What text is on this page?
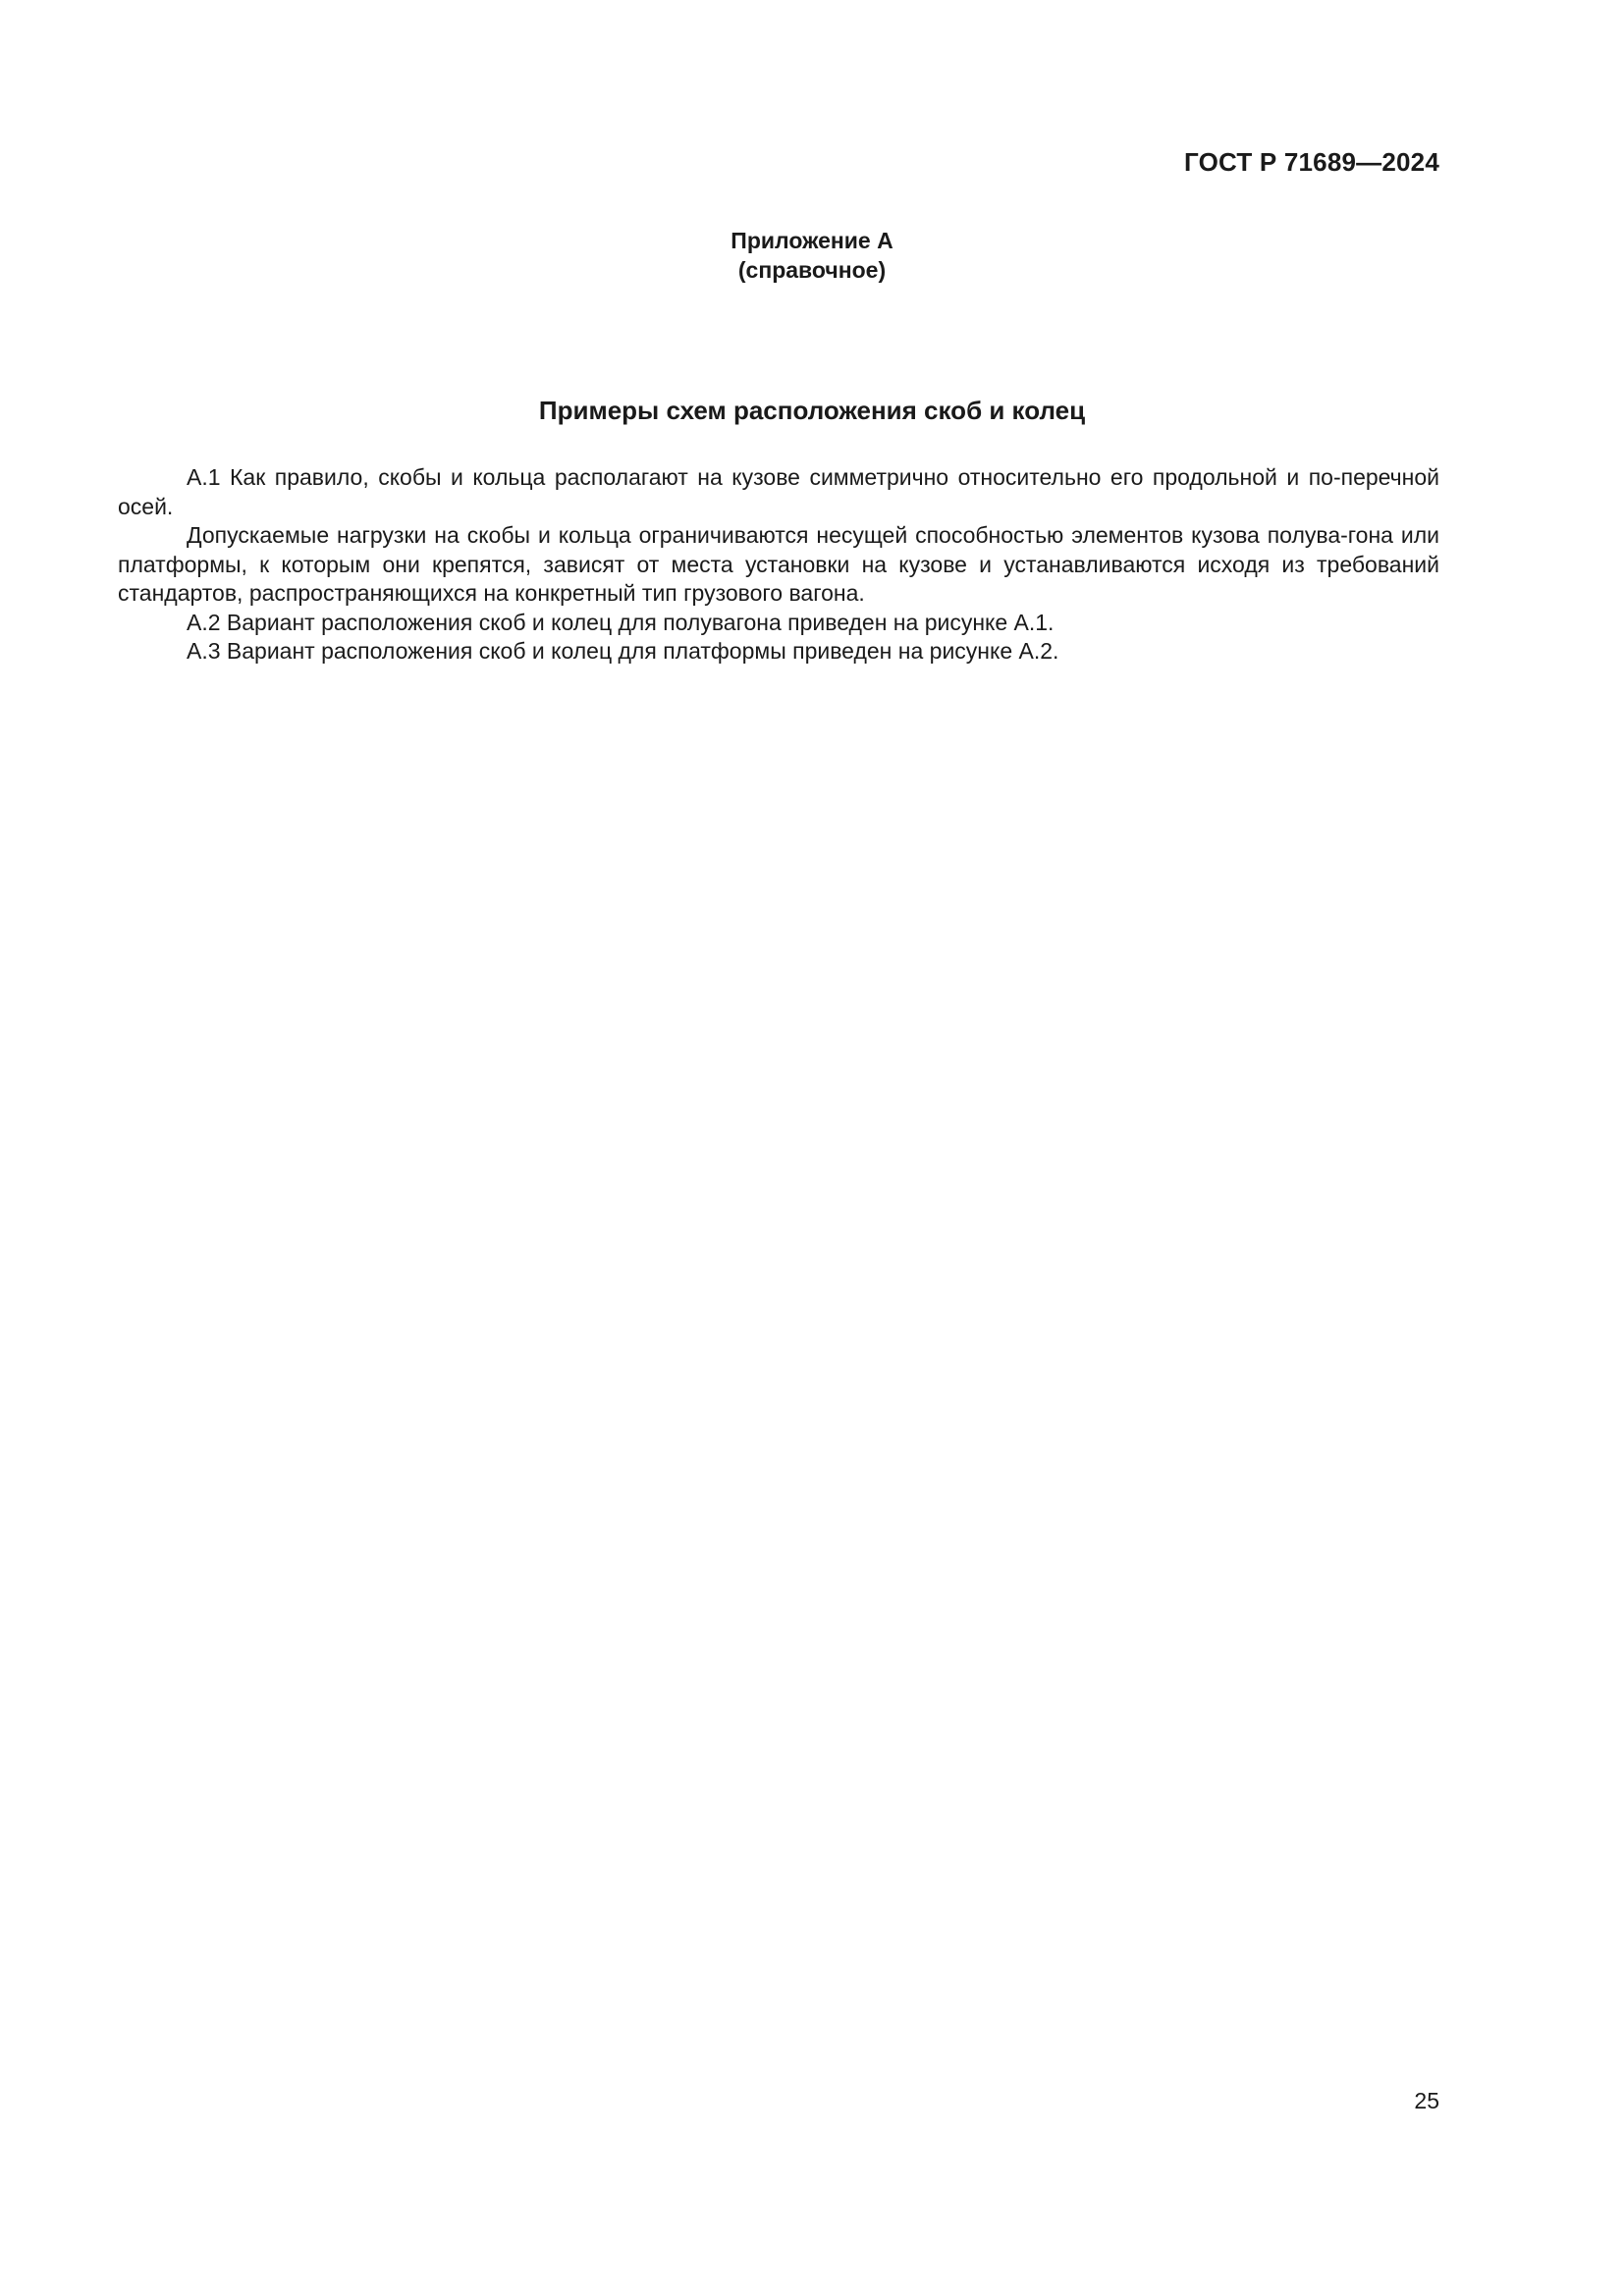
ГОСТ Р 71689—2024
Приложение А
(справочное)
Примеры схем расположения скоб и колец

А.1 Как правило, скобы и кольца располагают на кузове симметрично относительно его продольной и по-перечной осей.

Допускаемые нагрузки на скобы и кольца ограничиваются несущей способностью элементов кузова полува-гона или платформы, к которым они крепятся, зависят от места установки на кузове и устанавливаются исходя из требований стандартов, распространяющихся на конкретный тип грузового вагона.

А.2 Вариант расположения скоб и колец для полувагона приведен на рисунке А.1.

А.3 Вариант расположения скоб и колец для платформы приведен на рисунке А.2.

25
